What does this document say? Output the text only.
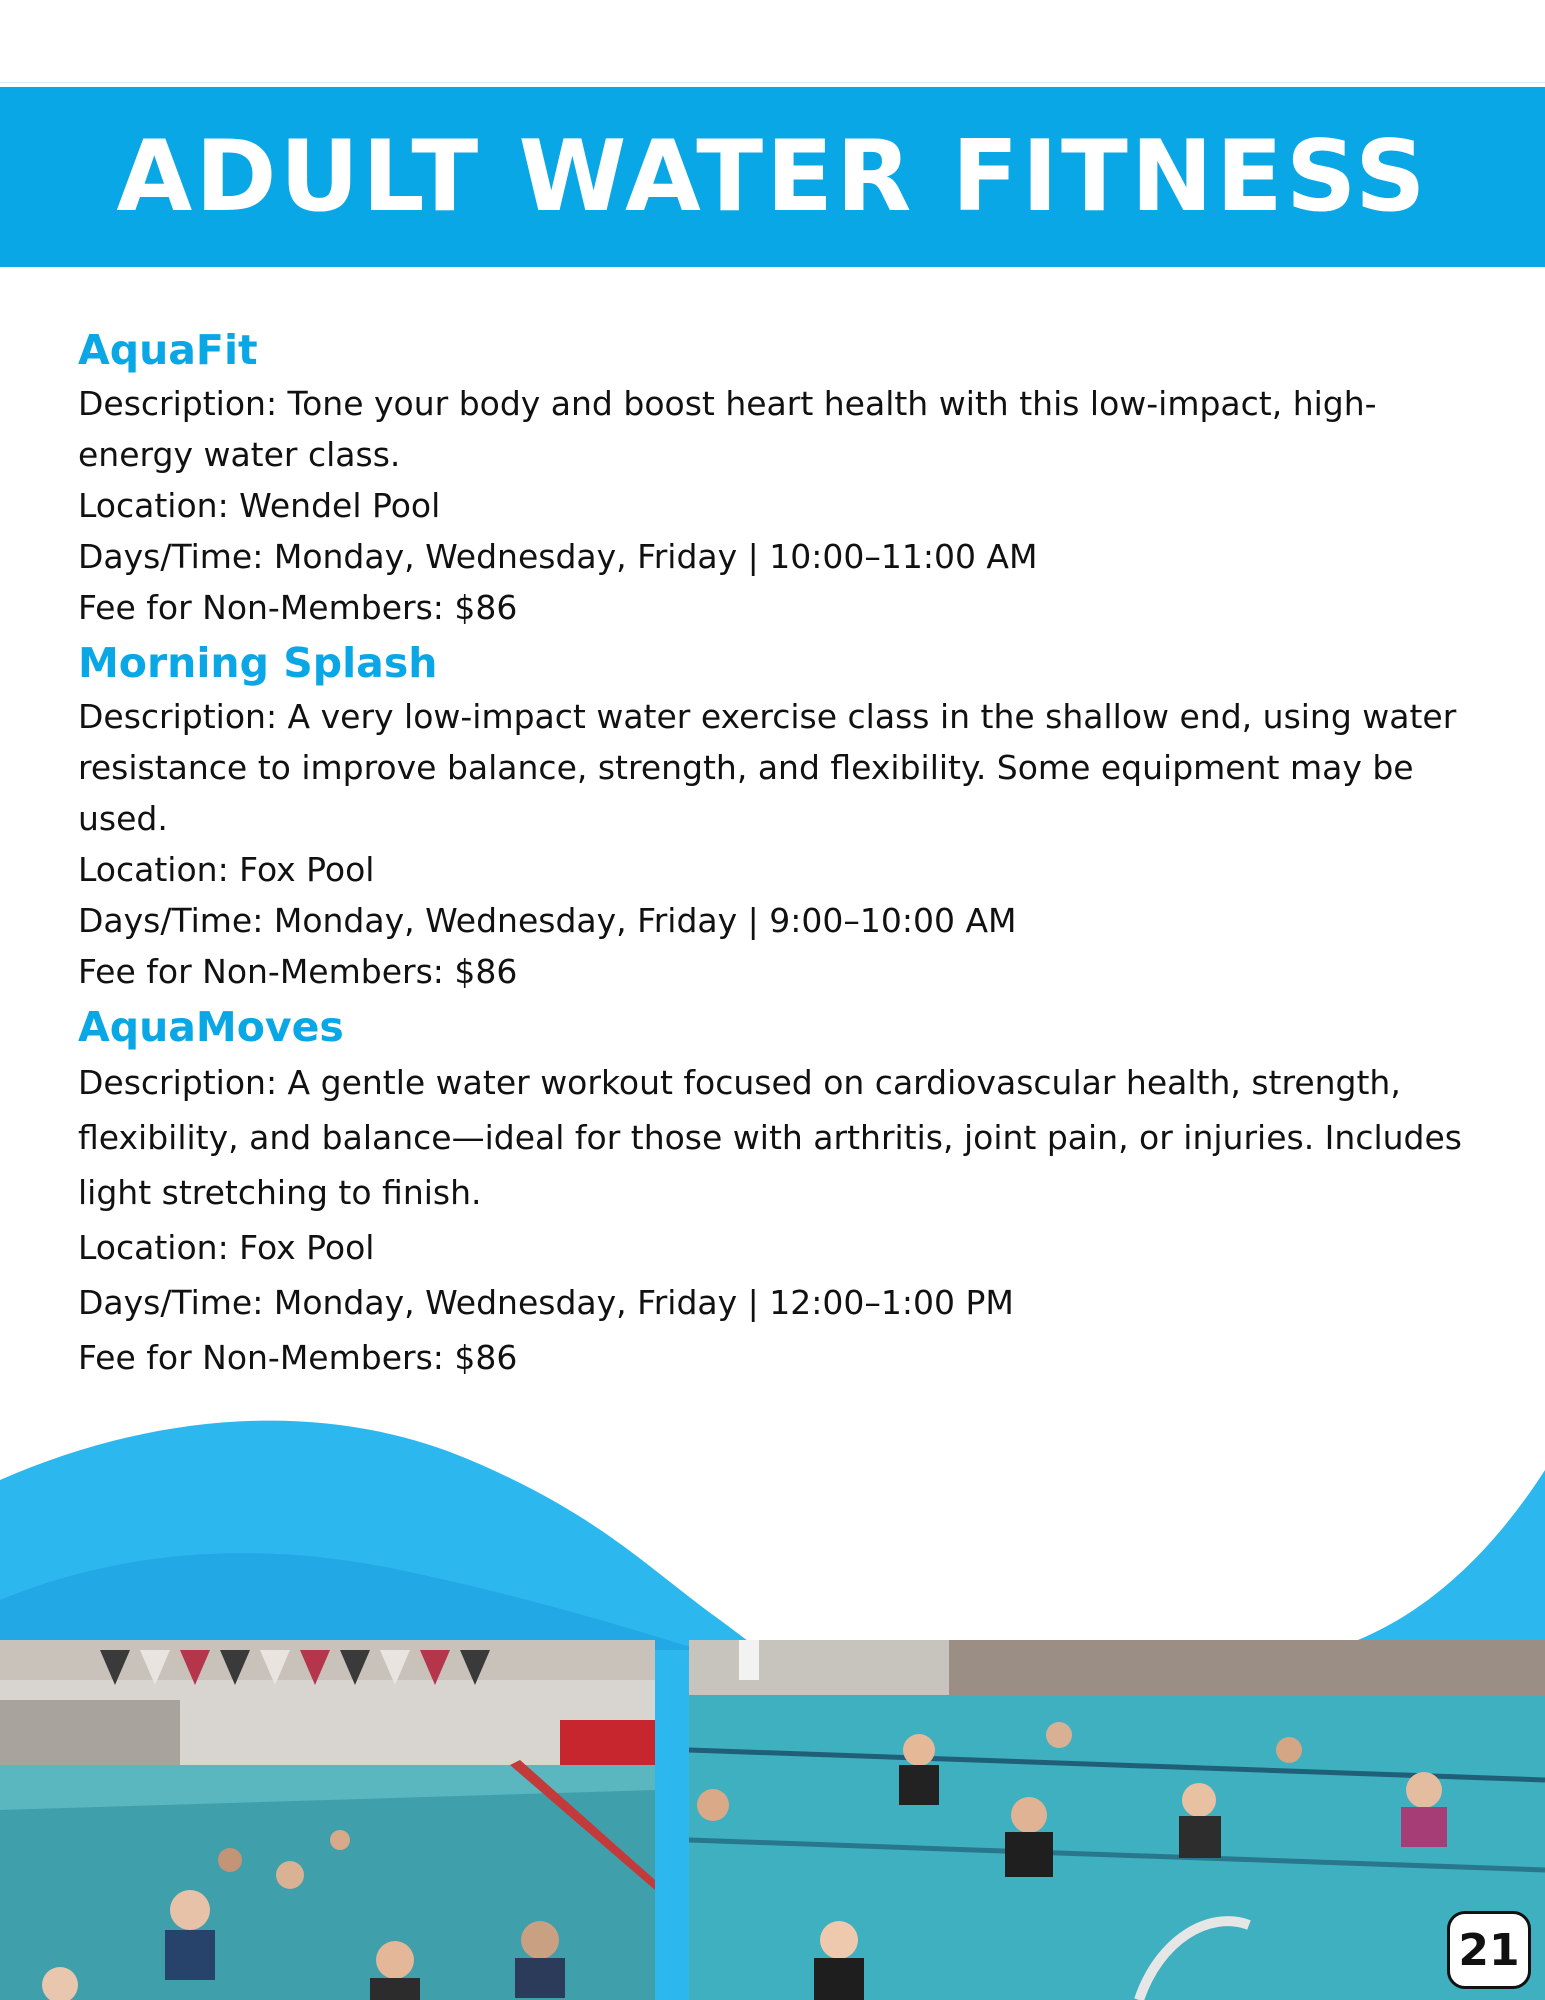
ADULT WATER FITNESS
AquaFit

Description: Tone your body and boost heart health with this low-impact, high-energy water class.

Location: Wendel Pool

Days/Time: Monday, Wednesday, Friday | 10:00–11:00 AM

Fee for Non-Members: $86

Morning Splash

Description: A very low-impact water exercise class in the shallow end, using water resistance to improve balance, strength, and flexibility. Some equipment may be used.

Location: Fox Pool

Days/Time: Monday, Wednesday, Friday | 9:00–10:00 AM

Fee for Non-Members: $86

AquaMoves

Description: A gentle water workout focused on cardiovascular health, strength, flexibility, and balance—ideal for those with arthritis, joint pain, or injuries. Includes light stretching to finish.

Location: Fox Pool

Days/Time: Monday, Wednesday, Friday | 12:00–1:00 PM

Fee for Non-Members: $86

21
